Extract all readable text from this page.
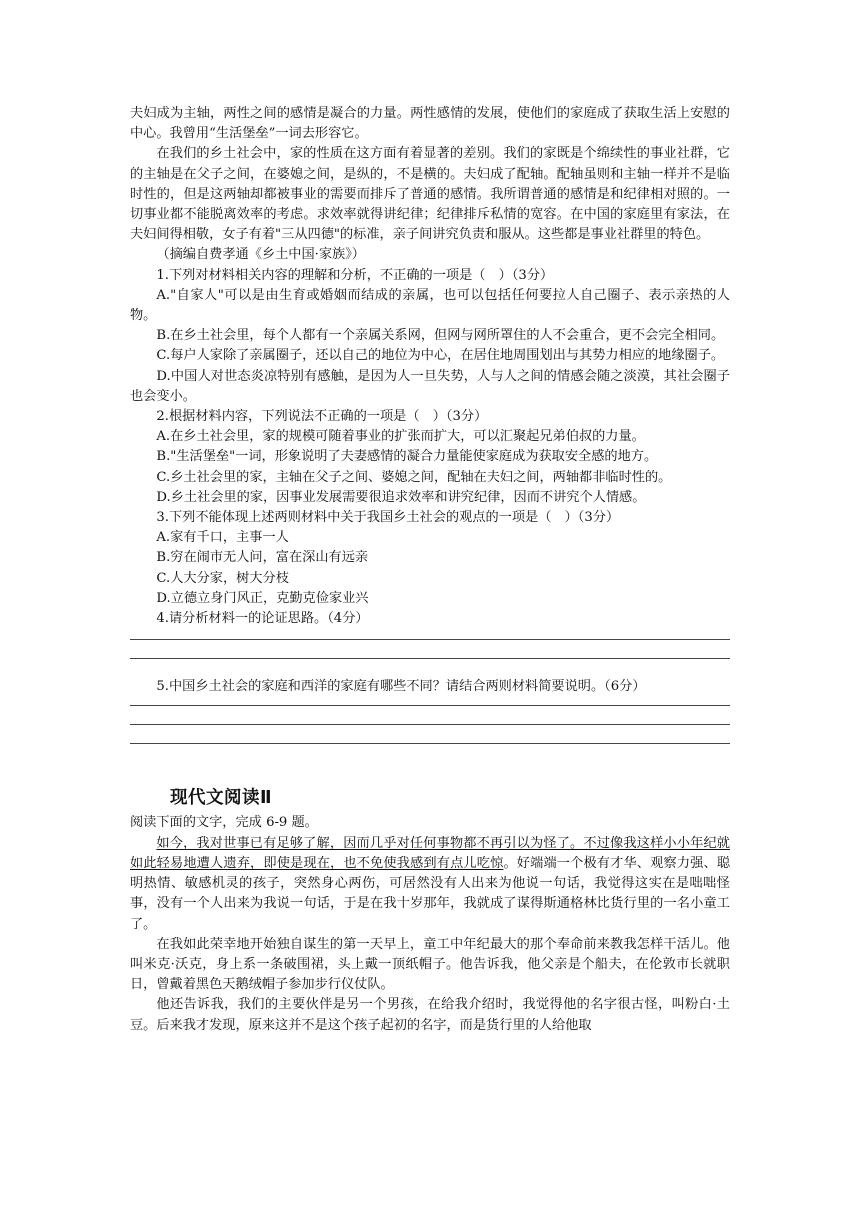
夫妇成为主轴，两性之间的感情是凝合的力量。两性感情的发展，使他们的家庭成了获取生活上安慰的中心。我曾用“生活堡垒”一词去形容它。

在我们的乡土社会中，家的性质在这方面有着显著的差别。我们的家既是个绵续性的事业社群，它的主轴是在父子之间，在婆媳之间，是纵的，不是横的。夫妇成了配轴。配轴虽则和主轴一样并不是临时性的，但是这两轴却都被事业的需要而排斥了普通的感情。我所谓普通的感情是和纪律相对照的。一切事业都不能脱离效率的考虑。求效率就得讲纪律；纪律排斥私情的宽容。在中国的家庭里有家法，在夫妇间得相敬，女子有着"三从四德"的标准，亲子间讲究负责和服从。这些都是事业社群里的特色。

（摘编自费孝通《乡土中国·家族》）

1.下列对材料相关内容的理解和分析，不正确的一项是（　）（3分）

A."自家人"可以是由生育或婚姻而结成的亲属，也可以包括任何要拉人自己圈子、表示亲热的人物。

B.在乡土社会里，每个人都有一个亲属关系网，但网与网所罩住的人不会重合，更不会完全相同。

C.每户人家除了亲属圈子，还以自己的地位为中心，在居住地周围划出与其势力相应的地缘圈子。

D.中国人对世态炎凉特别有感触，是因为人一旦失势，人与人之间的情感会随之淡漠，其社会圈子也会变小。

2.根据材料内容，下列说法不正确的一项是（　）（3分）

A.在乡土社会里，家的规模可随着事业的扩张而扩大，可以汇聚起兄弟伯叔的力量。

B."生活堡垒"一词，形象说明了夫妻感情的凝合力量能使家庭成为获取安全感的地方。

C.乡土社会里的家，主轴在父子之间、婆媳之间，配轴在夫妇之间，两轴都非临时性的。

D.乡土社会里的家，因事业发展需要很追求效率和讲究纪律，因而不讲究个人情感。

3.下列不能体现上述两则材料中关于我国乡土社会的观点的一项是（　）（3分）

A.家有千口，主事一人

B.穷在闹市无人问，富在深山有远亲

C.人大分家，树大分枝

D.立德立身门风正，克勤克俭家业兴

4.请分析材料一的论证思路。（4分）

5.中国乡土社会的家庭和西洋的家庭有哪些不同？请结合两则材料简要说明。（6分）

现代文阅读Ⅱ

阅读下面的文字，完成 6-9 题。

如今，我对世事已有足够了解，因而几乎对任何事物都不再引以为怪了。不过像我这样小小年纪就如此轻易地遭人遗弃，即使是现在，也不免使我感到有点儿吃惊。好端端一个极有才华、观察力强、聪明热情、敏感机灵的孩子，突然身心两伤，可居然没有人出来为他说一句话，我觉得这实在是咄咄怪事，没有一个人出来为我说一句话，于是在我十岁那年，我就成了谋得斯通格林比货行里的一名小童工了。

在我如此荣幸地开始独自谋生的第一天早上，童工中年纪最大的那个奉命前来教我怎样干活儿。他叫米克·沃克，身上系一条破围裙，头上戴一顶纸帽子。他告诉我，他父亲是个船夫，在伦敦市长就职日，曾戴着黑色天鹅绒帽子参加步行仪仗队。

他还告诉我，我们的主要伙伴是另一个男孩，在给我介绍时，我觉得他的名字很古怪，叫粉白·土豆。后来我才发现，原来这并不是这个孩子起初的名字，而是货行里的人给他取
